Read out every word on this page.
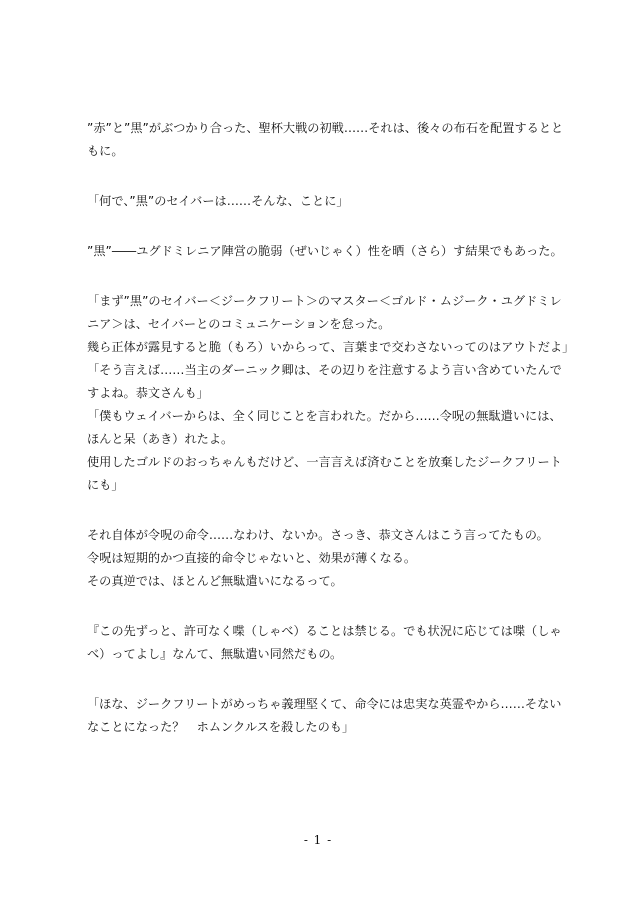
”赤”と”黒”がぶつかり合った、聖杯大戦の初戦……それは、後々の布石を配置するとと
もに。
「何で、”黒”のセイバーは……そんな、ことに」
”黒”――ユグドミレニア陣営の脆弱（ぜいじゃく）性を晒（さら）す結果でもあった。
「まず”黒”のセイバー＜ジークフリート＞のマスター＜ゴルド・ムジーク・ユグドミレ
ニア＞は、セイバーとのコミュニケーションを怠った。
幾ら正体が露見すると脆（もろ）いからって、言葉まで交わさないってのはアウトだよ」
「そう言えば……当主のダーニック卿は、その辺りを注意するよう言い含めていたんで
すよね。恭文さんも」
「僕もウェイバーからは、全く同じことを言われた。だから……令呪の無駄遣いには、
ほんと呆（あき）れたよ。
使用したゴルドのおっちゃんもだけど、一言言えば済むことを放棄したジークフリート
にも」
それ自体が令呪の命令……なわけ、ないか。さっき、恭文さんはこう言ってたもの。
令呪は短期的かつ直接的命令じゃないと、効果が薄くなる。
その真逆では、ほとんど無駄遣いになるって。
『この先ずっと、許可なく喋（しゃべ）ることは禁じる。でも状況に応じては喋（しゃ
べ）ってよし』なんて、無駄遣い同然だもの。
「ほな、ジークフリートがめっちゃ義理堅くて、命令には忠実な英霊やから……そない
なことになった？　ホムンクルスを殺したのも」
- 1 -
